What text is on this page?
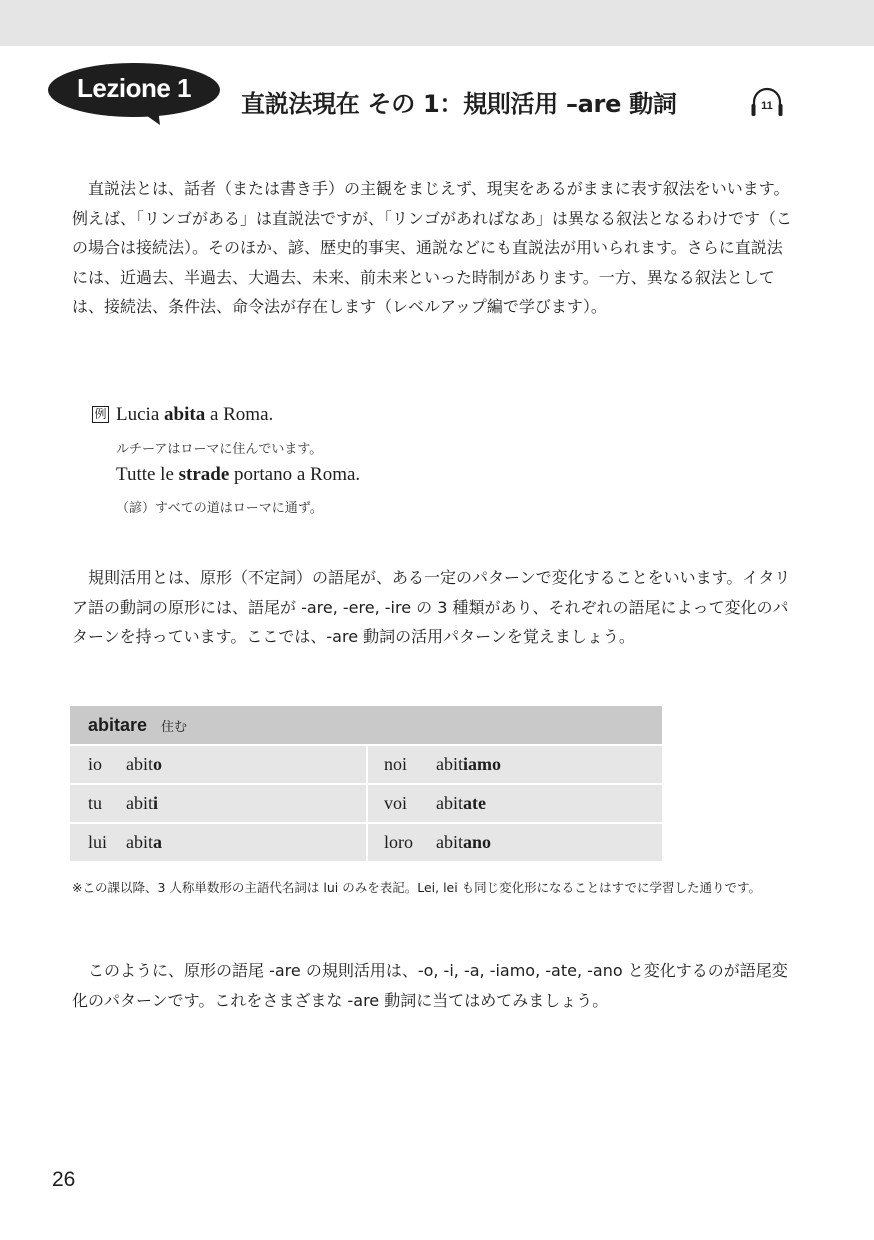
Lezione 1
直説法現在 その 1：規則活用 –are 動詞	11

直説法とは、話者（または書き手）の主観をまじえず、現実をあるがままに表す叙法をいいます。例えば、「リンゴがある」は直説法ですが、「リンゴがあればなあ」は異なる叙法となるわけです（この場合は接続法）。そのほか、諺、歴史的事実、通説などにも直説法が用いられます。さらに直説法には、近過去、半過去、大過去、未来、前未来といった時制があります。一方、異なる叙法としては、接続法、条件法、命令法が存在します（レベルアップ編で学びます）。

例 Lucia abita a Roma.
ルチーアはローマに住んでいます。
Tutte le strade portano a Roma.
（諺）すべての道はローマに通ず。

規則活用とは、原形（不定詞）の語尾が、ある一定のパターンで変化することをいいます。イタリア語の動詞の原形には、語尾が -are, -ere, -ire の 3 種類があり、それぞれの語尾によって変化のパターンを持っています。ここでは、-are 動詞の活用パターンを覚えましょう。

abitare 住む	
io abito	noi abitiamo
tu abiti	voi abitate
lui abita	loro abitano

※この課以降、3 人称単数形の主語代名詞は lui のみを表記。Lei, lei も同じ変化形になることはすでに学習した通りです。

このように、原形の語尾 -are の規則活用は、-o, -i, -a, -iamo, -ate, -ano と変化するのが語尾変化のパターンです。これをさまざまな -are 動詞に当てはめてみましょう。

26
